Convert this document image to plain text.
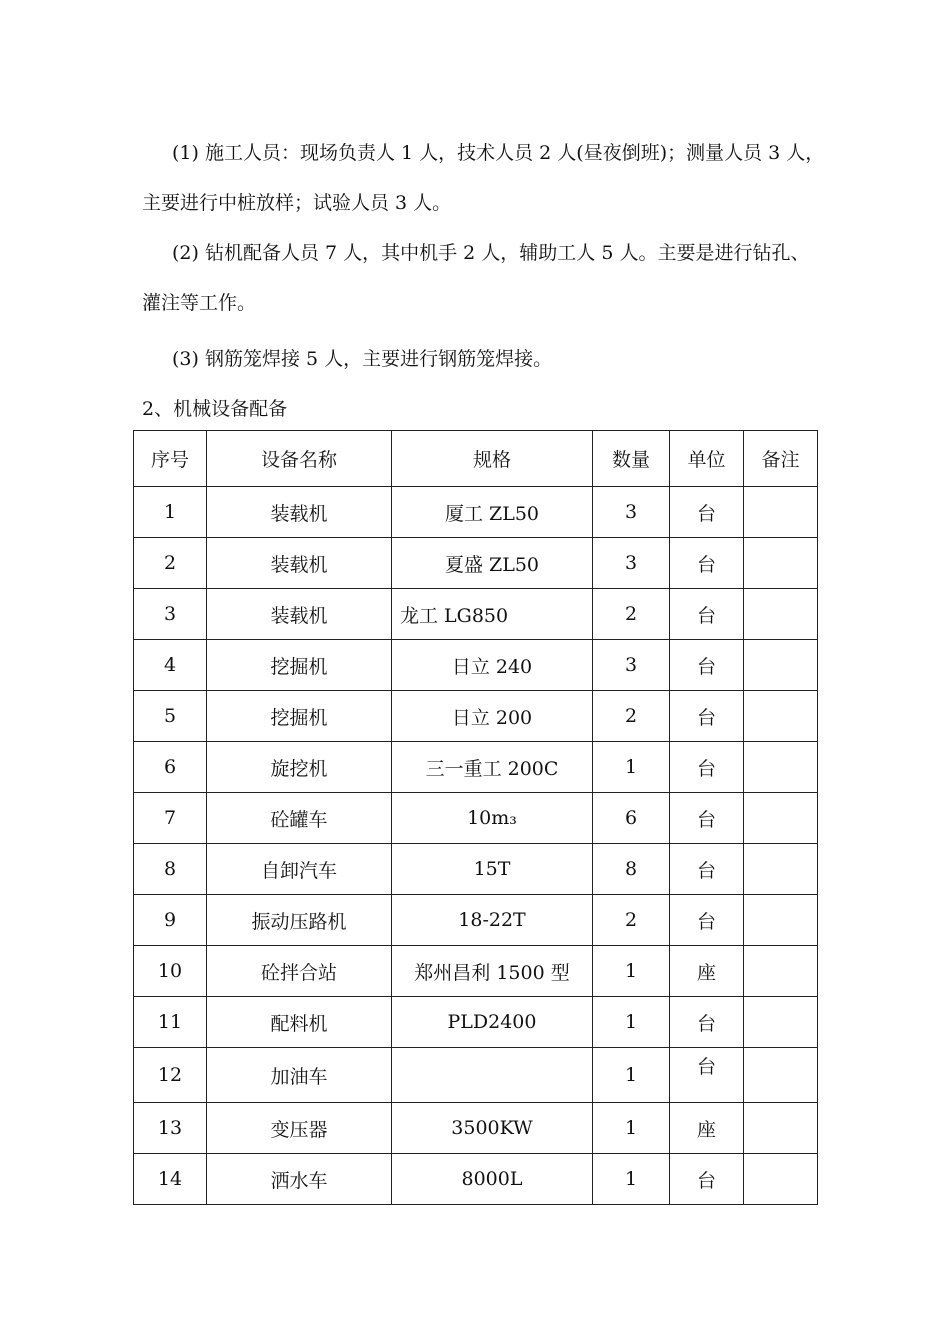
(1) 施工人员：现场负责人 1 人，技术人员 2 人(昼夜倒班)；测量人员 3 人，
主要进行中桩放样；试验人员 3 人。
(2) 钻机配备人员 7 人，其中机手 2 人，辅助工人 5 人。主要是进行钻孔、
灌注等工作。
(3) 钢筋笼焊接 5 人，主要进行钢筋笼焊接。
2、机械设备配备
序号	设备名称	规格	数量	单位	备注
1	装载机	厦工 ZL50	3	台	
2	装载机	夏盛 ZL50	3	台	
3	装载机	龙工 LG850	2	台	
4	挖掘机	日立 240	3	台	
5	挖掘机	日立 200	2	台	
6	旋挖机	三一重工 200C	1	台	
7	砼罐车	10m₃	6	台	
8	自卸汽车	15T	8	台	
9	振动压路机	18-22T	2	台	
10	砼拌合站	郑州昌利 1500 型	1	座	
11	配料机	PLD2400	1	台	
12	加油车		1	台	
13	变压器	3500KW	1	座	
14	洒水车	8000L	1	台	
